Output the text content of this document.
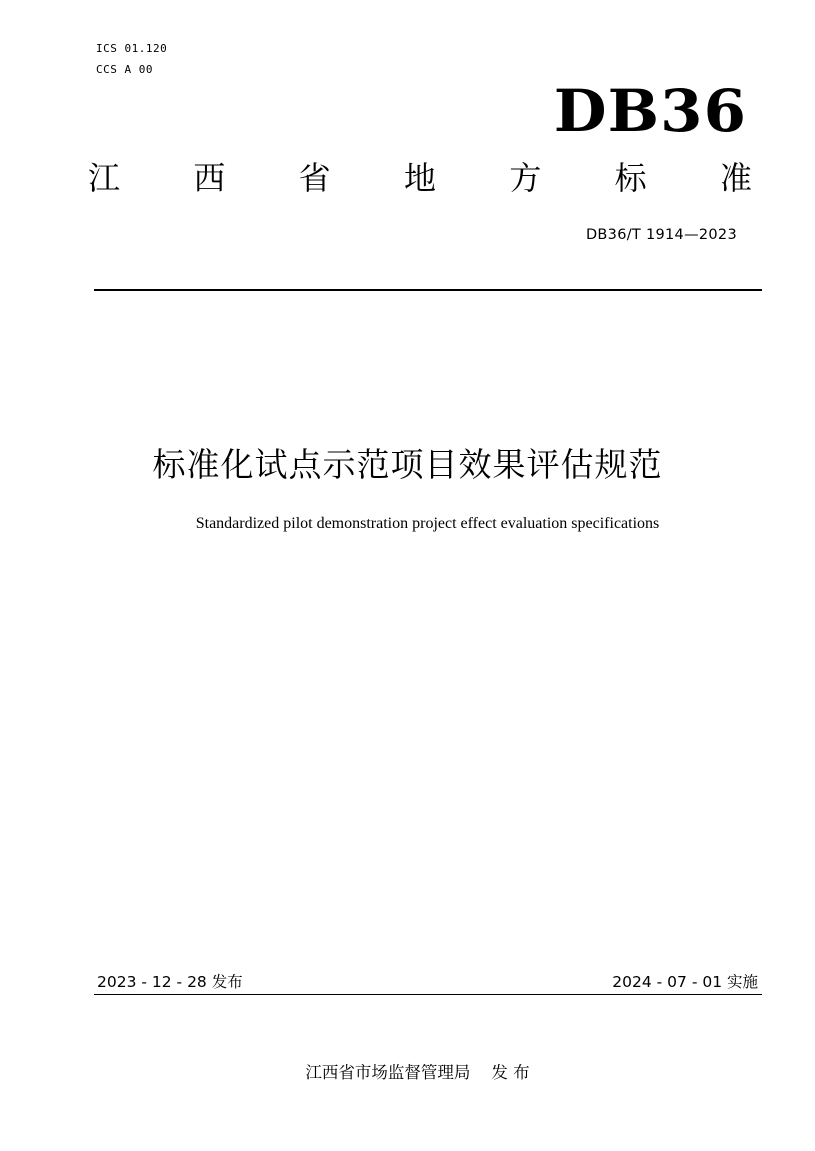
ICS 01.120
CCS A 00
DB36
江 西 省 地 方 标 准
DB36/T 1914—2023
标准化试点示范项目效果评估规范
Standardized pilot demonstration project effect evaluation specifications
2023 - 12 - 28 发布	2024 - 07 - 01 实施
江西省市场监督管理局    发 布
